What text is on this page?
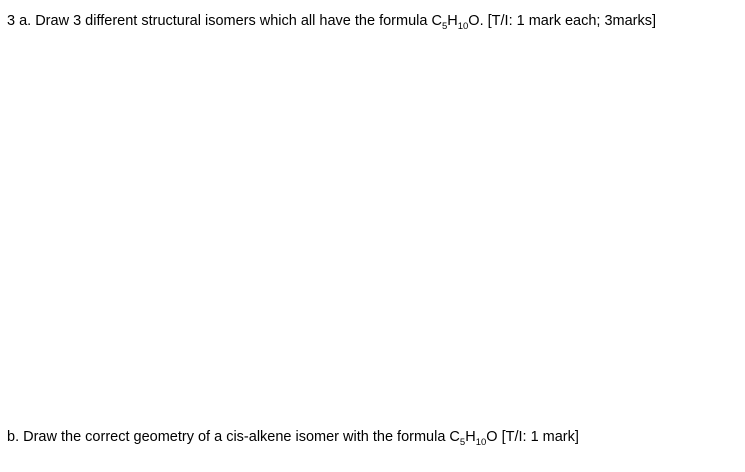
3 a. Draw 3 different structural isomers which all have the formula $C_5H_{10}O$. [T/I: 1 mark each; 3marks]
b. Draw the correct geometry of a cis-alkene isomer with the formula $C_5H_{10}O$ [T/I: 1 mark]
